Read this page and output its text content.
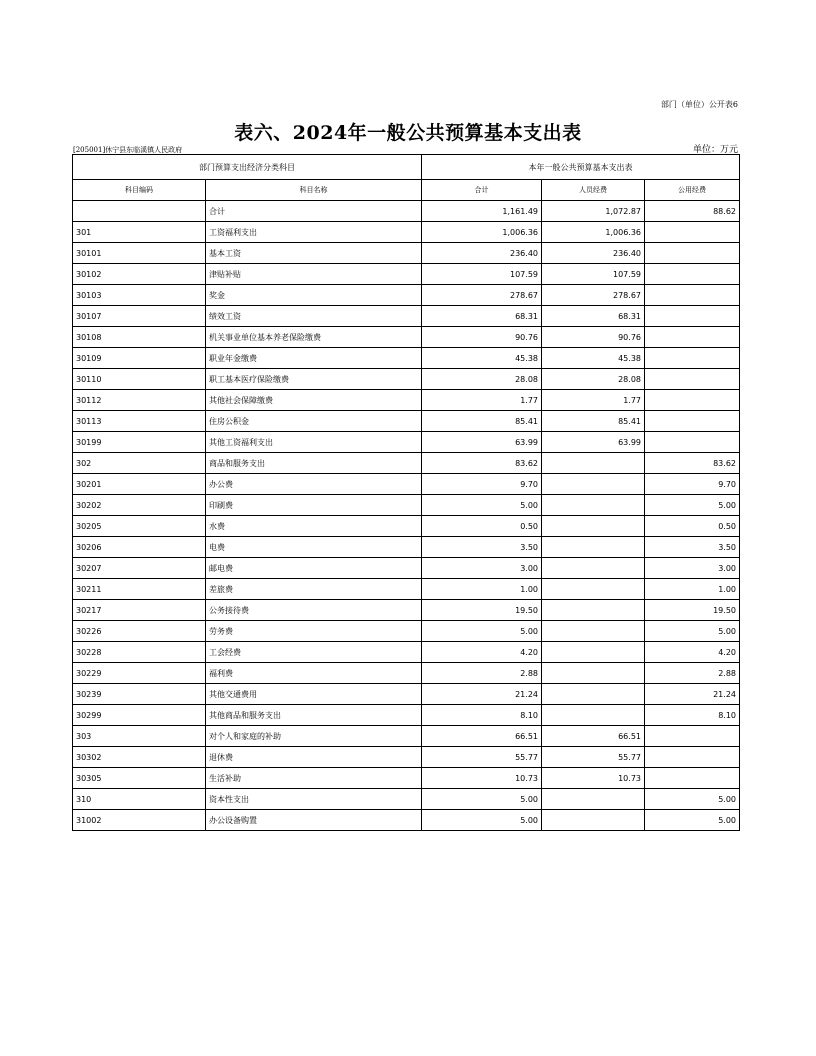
部门（单位）公开表6
表六、2024年一般公共预算基本支出表
[205001]休宁县东临溪镇人民政府	单位：万元
部门预算支出经济分类科目		本年一般公共预算基本支出表		
科目编码	科目名称	合计	人员经费	公用经费
	合计	1,161.49	1,072.87	88.62
301	工资福利支出	1,006.36	1,006.36	
30101	基本工资	236.40	236.40	
30102	津贴补贴	107.59	107.59	
30103	奖金	278.67	278.67	
30107	绩效工资	68.31	68.31	
30108	机关事业单位基本养老保险缴费	90.76	90.76	
30109	职业年金缴费	45.38	45.38	
30110	职工基本医疗保险缴费	28.08	28.08	
30112	其他社会保障缴费	1.77	1.77	
30113	住房公积金	85.41	85.41	
30199	其他工资福利支出	63.99	63.99	
302	商品和服务支出	83.62		83.62
30201	办公费	9.70		9.70
30202	印刷费	5.00		5.00
30205	水费	0.50		0.50
30206	电费	3.50		3.50
30207	邮电费	3.00		3.00
30211	差旅费	1.00		1.00
30217	公务接待费	19.50		19.50
30226	劳务费	5.00		5.00
30228	工会经费	4.20		4.20
30229	福利费	2.88		2.88
30239	其他交通费用	21.24		21.24
30299	其他商品和服务支出	8.10		8.10
303	对个人和家庭的补助	66.51	66.51	
30302	退休费	55.77	55.77	
30305	生活补助	10.73	10.73	
310	资本性支出	5.00		5.00
31002	办公设备购置	5.00		5.00
